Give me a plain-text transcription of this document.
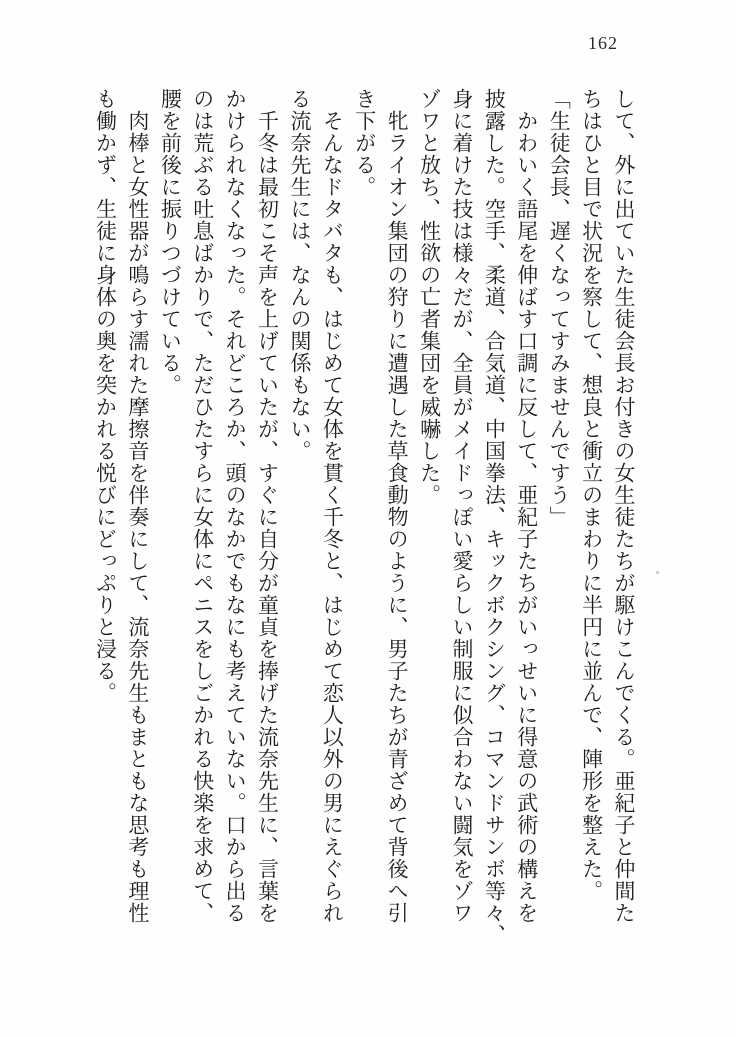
162

して、外に出ていた生徒会長お付きの女生徒たちが駆けこんでくる。亜紀子と仲間た

ちはひと目で状況を察して、想良と衝立のまわりに半円に並んで、陣形を整えた。

「生徒会長、遅くなってすみませんですう」

　かわいく語尾を伸ばす口調に反して、亜紀子たちがいっせいに得意の武術の構えを

披露した。空手、柔道、合気道、中国拳法、キックボクシング、コマンドサンボ等々、

身に着けた技は様々だが、全員がメイドっぽい愛らしい制服に似合わない闘気をゾワ

ゾワと放ち、性欲の亡者集団を威嚇した。

　牝ライオン集団の狩りに遭遇した草食動物のように、男子たちが青ざめて背後へ引

き下がる。

　そんなドタバタも、はじめて女体を貫く千冬と、はじめて恋人以外の男にえぐられ

る流奈先生には、なんの関係もない。

　千冬は最初こそ声を上げていたが、すぐに自分が童貞を捧げた流奈先生に、言葉を

かけられなくなった。それどころか、頭のなかでもなにも考えていない。口から出る

のは荒ぶる吐息ばかりで、ただひたすらに女体にペニスをしごかれる快楽を求めて、

腰を前後に振りつづけている。

　肉棒と女性器が鳴らす濡れた摩擦音を伴奏にして、流奈先生もまともな思考も理性

も働かず、生徒に身体の奥を突かれる悦びにどっぷりと浸る。
